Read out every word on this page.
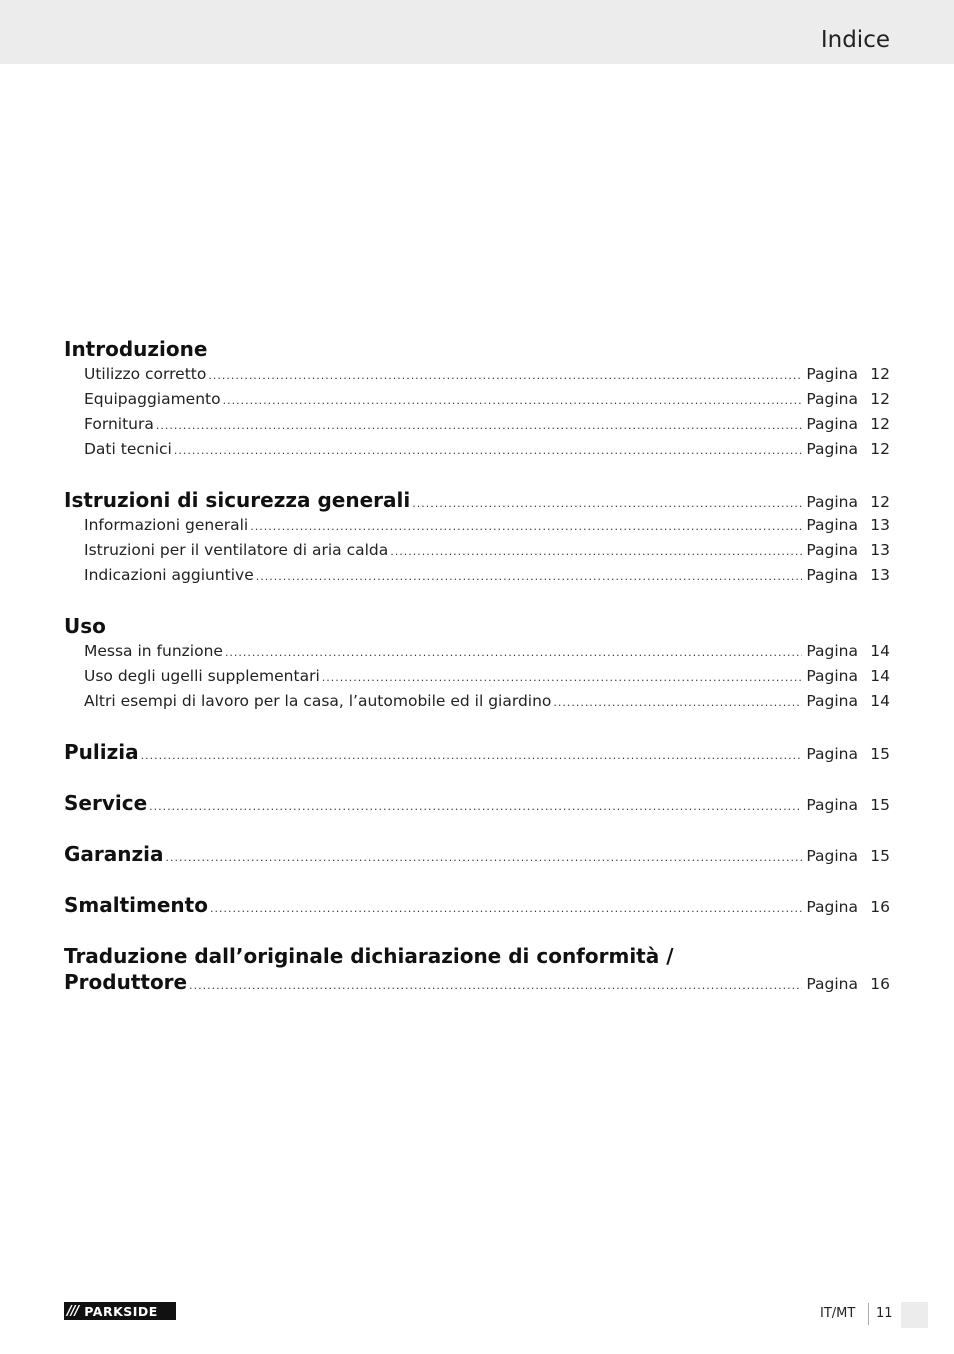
Indice
Introduzione
Utilizzo corretto .....	Pagina 12
Equipaggiamento .....	Pagina 12
Fornitura .....	Pagina 12
Dati tecnici .....	Pagina 12
Istruzioni di sicurezza generali .....	Pagina 12
Informazioni generali .....	Pagina 13
Istruzioni per il ventilatore di aria calda .....	Pagina 13
Indicazioni aggiuntive .....	Pagina 13
Uso
Messa in funzione .....	Pagina 14
Uso degli ugelli supplementari .....	Pagina 14
Altri esempi di lavoro per la casa, l’automobile ed il giardino .....	Pagina 14
Pulizia .....	Pagina 15
Service .....	Pagina 15
Garanzia .....	Pagina 15
Smaltimento .....	Pagina 16
Traduzione dall’originale dichiarazione di conformità /
Produttore .....	Pagina 16
/// PARKSIDE	IT/MT 11
